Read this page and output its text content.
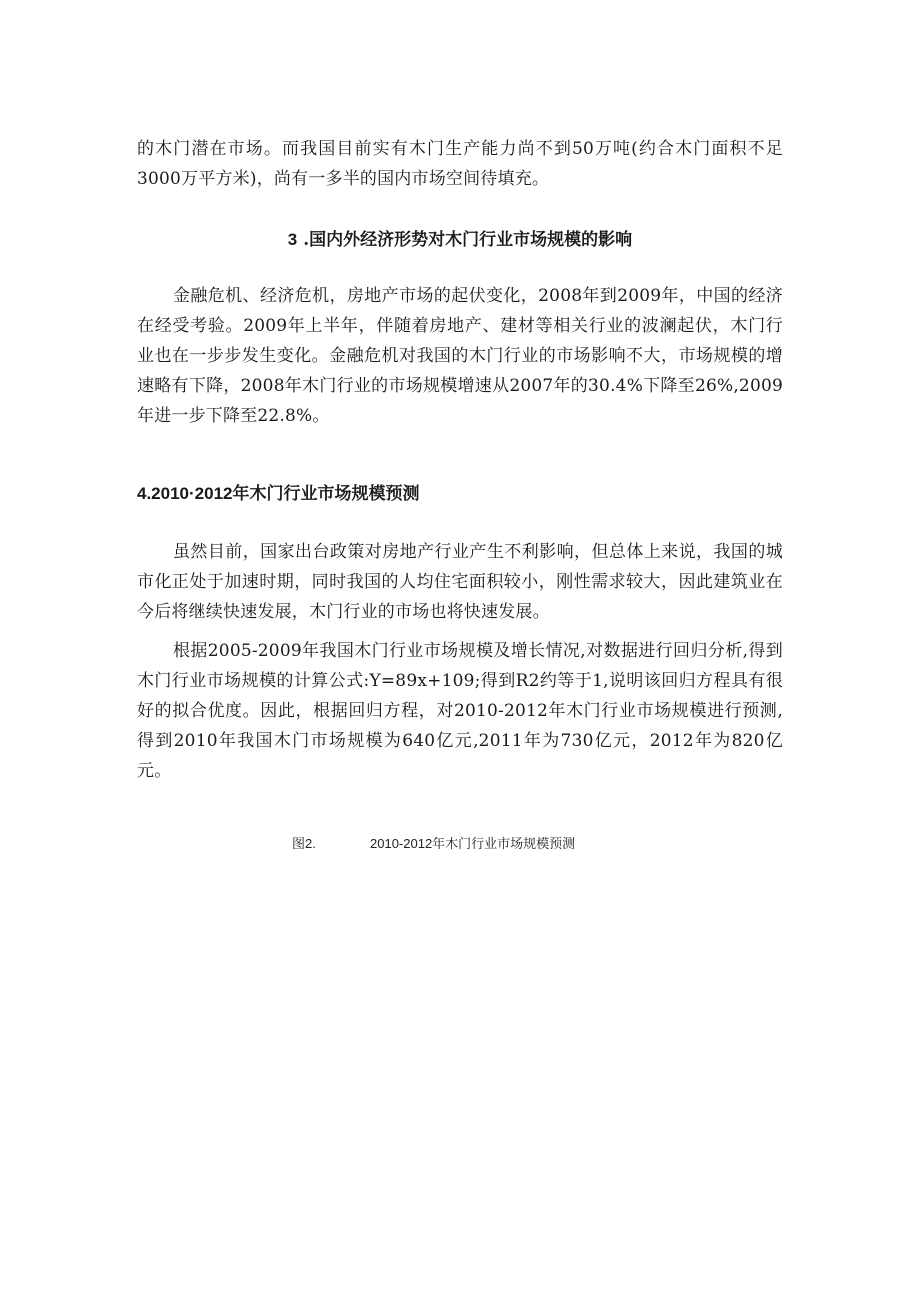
的木门潜在市场。而我国目前实有木门生产能力尚不到50万吨(约合木门面积不足3000万平方米)，尚有一多半的国内市场空间待填充。

3 .国内外经济形势对木门行业市场规模的影响

金融危机、经济危机，房地产市场的起伏变化，2008年到2009年，中国的经济在经受考验。2009年上半年，伴随着房地产、建材等相关行业的波澜起伏，木门行业也在一步步发生变化。金融危机对我国的木门行业的市场影响不大，市场规模的增速略有下降，2008年木门行业的市场规模增速从2007年的30.4%下降至26%,2009年进一步下降至22.8%。

4.2010·2012年木门行业市场规模预测

虽然目前，国家出台政策对房地产行业产生不利影响，但总体上来说，我国的城市化正处于加速时期，同时我国的人均住宅面积较小，刚性需求较大，因此建筑业在今后将继续快速发展，木门行业的市场也将快速发展。

根据2005-2009年我国木门行业市场规模及增长情况,对数据进行回归分析,得到木门行业市场规模的计算公式:Y=89x+109;得到R2约等于1,说明该回归方程具有很好的拟合优度。因此，根据回归方程，对2010-2012年木门行业市场规模进行预测,得到2010年我国木门市场规模为640亿元,2011年为730亿元，2012年为820亿元。

图2.	2010-2012年木门行业市场规模预测
